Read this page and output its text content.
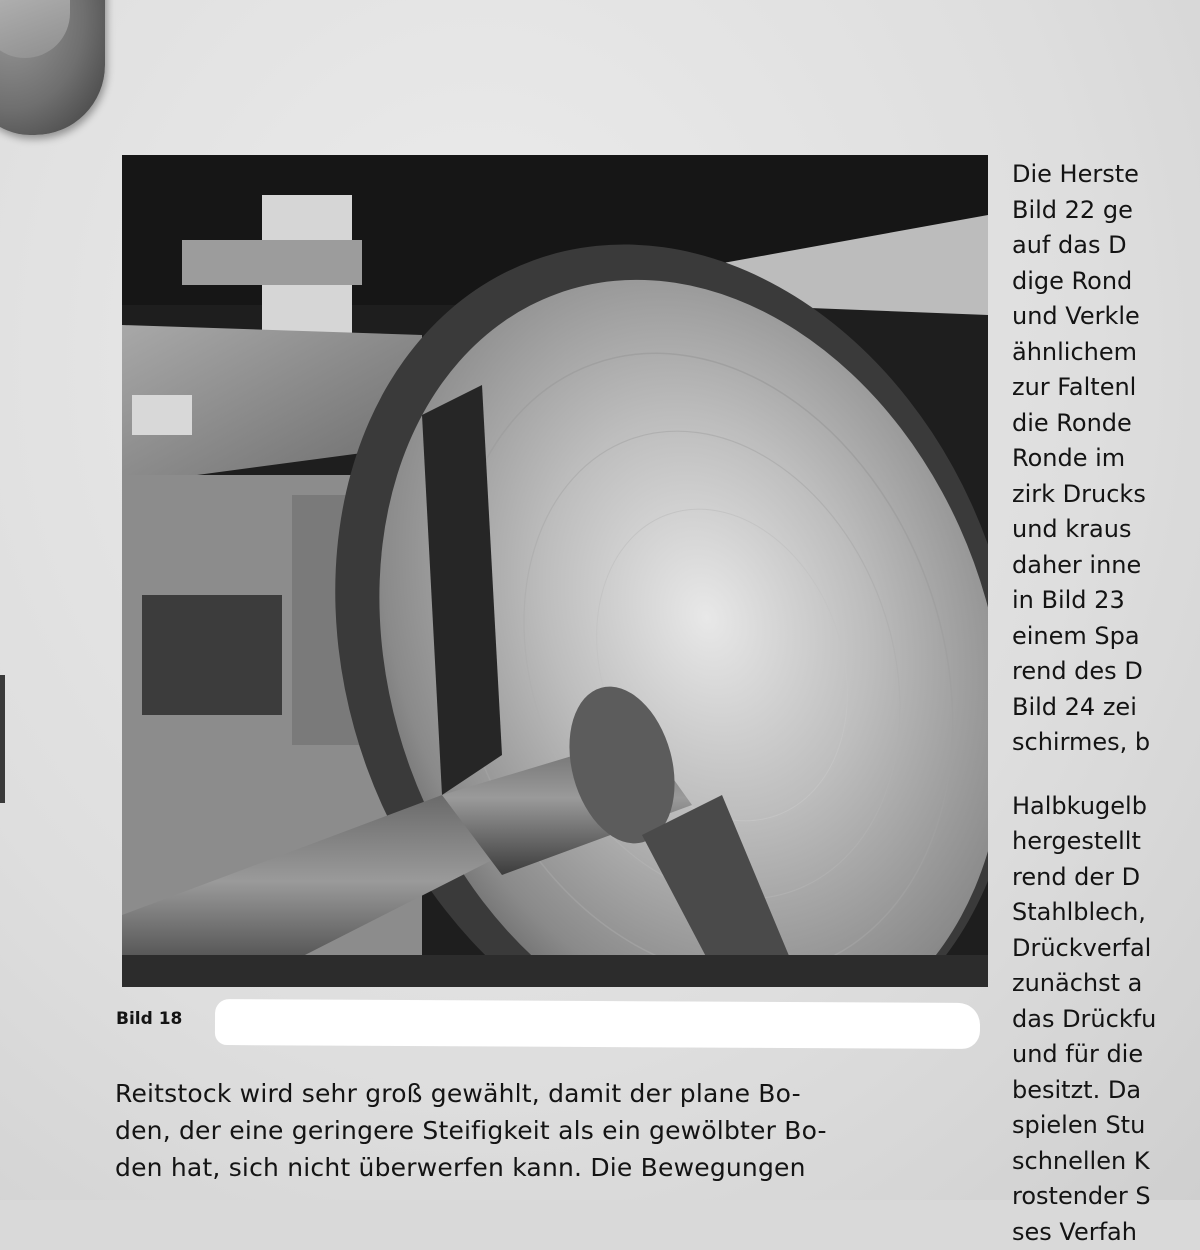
Bild 18
Reitstock wird sehr groß gewählt, damit der plane Bo-
den, der eine geringere Steifigkeit als ein gewölbter Bo-
den hat, sich nicht überwerfen kann. Die Bewegungen
Die Herste
Bild 22 ge
auf das D
dige Rond
und Verkle
ähnlichem
zur Faltenl
die Ronde
Ronde im
zirk Drucks
und kraus
daher inne
in Bild 23
einem Spa
rend des D
Bild 24 zei
schirmes, b
Halbkugelb
hergestellt
rend der D
Stahlblech,
Drückverfal
zunächst a
das Drückfu
und für die
besitzt. Da
spielen Stu
schnellen K
rostender S
ses Verfah
